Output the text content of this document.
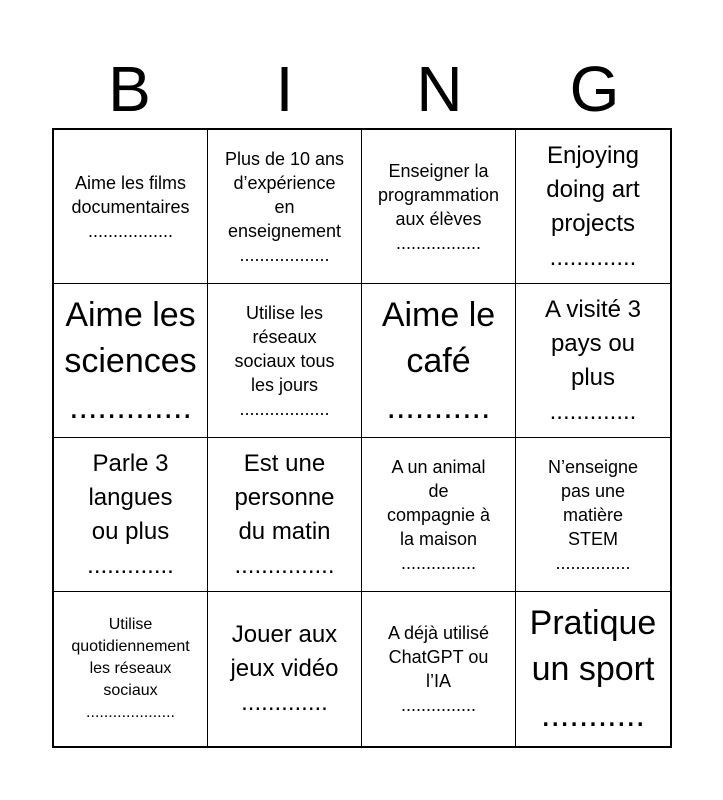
B	I	N	G
Aime les films
documentaires
.................
Plus de 10 ans
d’expérience
en
enseignement
..................
Enseigner la
programmation
aux élèves
.................
Enjoying
doing art
projects
.............
Aime les
sciences
.............
Utilise les
réseaux
sociaux tous
les jours
..................
Aime le
café
...........
A visité 3
pays ou
plus
.............
Parle 3
langues
ou plus
.............
Est une
personne
du matin
...............
A un animal
de
compagnie à
la maison
...............
N’enseigne
pas une
matière
STEM
...............
Utilise
quotidiennement
les réseaux
sociaux
....................
Jouer aux
jeux vidéo
.............
A déjà utilisé
ChatGPT ou
l’IA
...............
Pratique
un sport
...........
